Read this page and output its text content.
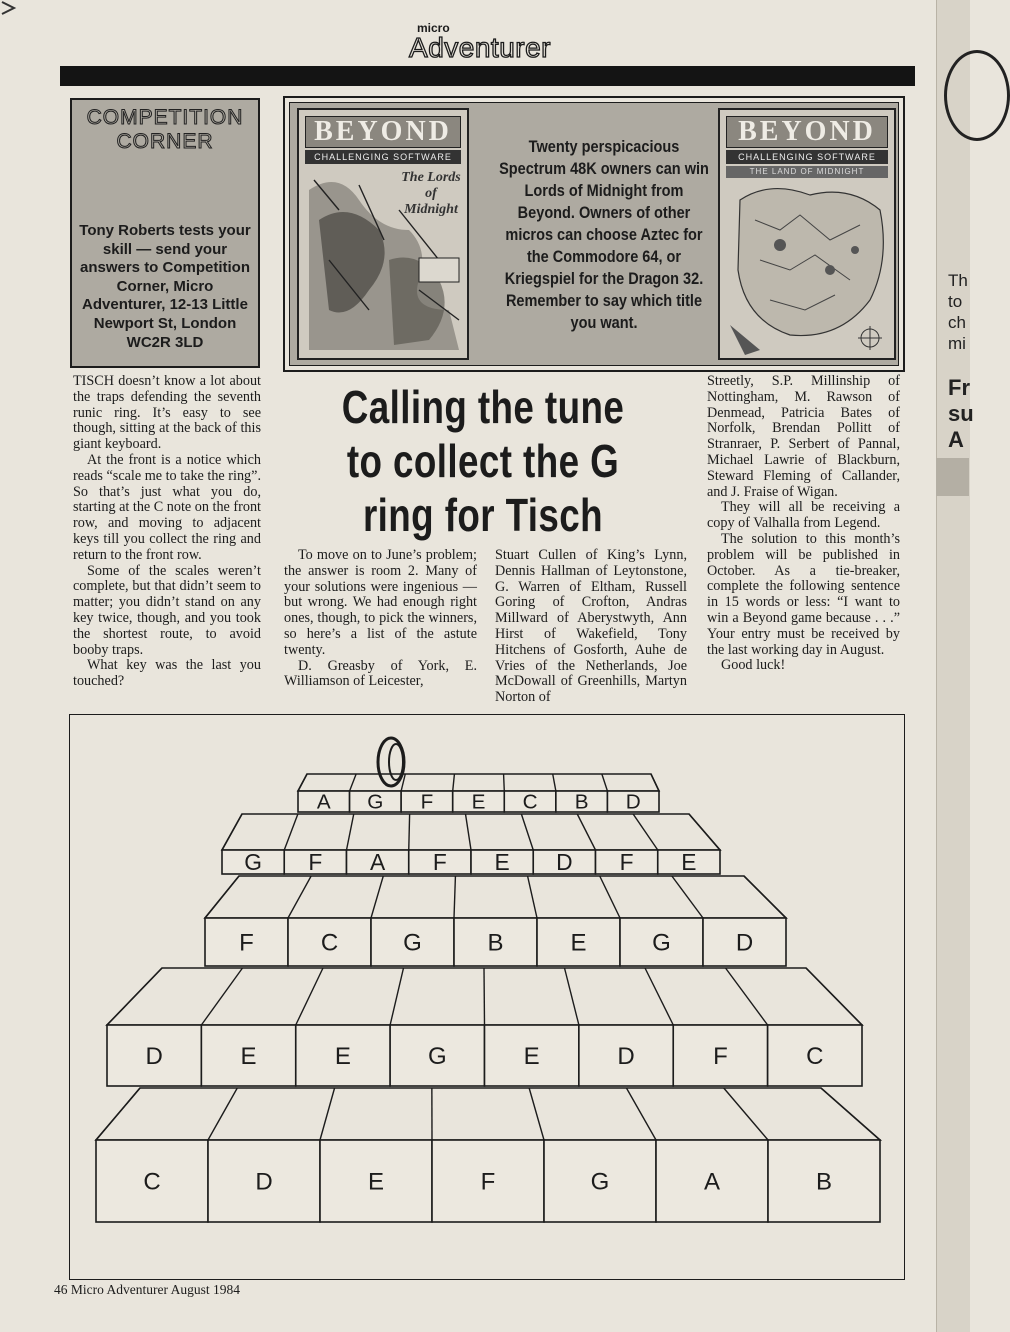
Th
to
ch
mi
Fr
su
A
micro
Adventurer
COMPETITION
CORNER
Tony Roberts tests your skill — send your answers to Competition Corner, Micro Adventurer, 12-13 Little Newport St, London WC2R 3LD
BEYOND
CHALLENGING SOFTWARE
The Lords of Midnight
BEYOND
CHALLENGING SOFTWARE
THE LAND OF MIDNIGHT
Twenty perspicacious Spectrum 48K owners can win Lords of Midnight from Beyond. Owners of other micros can choose Aztec for the Commodore 64, or Kriegspiel for the Dragon 32. Remember to say which title you want.
Calling the tune to collect the G ring for Tisch

TISCH doesn’t know a lot about the traps defending the seventh runic ring. It’s easy to see though, sitting at the back of this giant keyboard.

At the front is a notice which reads “scale me to take the ring”. So that’s just what you do, starting at the C note on the front row, and moving to adjacent keys till you collect the ring and return to the front row.

Some of the scales weren’t complete, but that didn’t seem to matter; you didn’t stand on any key twice, though, and you took the shortest route, to avoid booby traps.

What key was the last you touched?

To move on to June’s problem; the answer is room 2. Many of your solutions were ingenious — but wrong. We had enough right ones, though, to pick the winners, so here’s a list of the astute twenty.

D. Greasby of York, E. Williamson of Leicester,

Stuart Cullen of King’s Lynn, Dennis Hallman of Leytonstone, G. Warren of Eltham, Russell Goring of Crofton, Andras Millward of Aberystwyth, Ann Hirst of Wakefield, Tony Hitchens of Gosforth, Auhe de Vries of the Netherlands, Joe McDowall of Greenhills, Martyn Norton of

Streetly, S.P. Millinship of Nottingham, M. Rawson of Denmead, Patricia Bates of Norfolk, Brendan Pollitt of Stranraer, P. Serbert of Pannal, Michael Lawrie of Blackburn, Steward Fleming of Callander, and J. Fraise of Wigan.

They will all be receiving a copy of Valhalla from Legend.

The solution to this month’s problem will be published in October. As a tie-breaker, complete the following sentence in 15 words or less: “I want to win a Beyond game because . . .” Your entry must be received by the last working day in August.

Good luck!

A G F E C B D
G F A F E D F E
F	C	G	B	E	G	D
D	E	E	G	E	D	F	C
C	D	E	F	G	A	B
46 Micro Adventurer August 1984
